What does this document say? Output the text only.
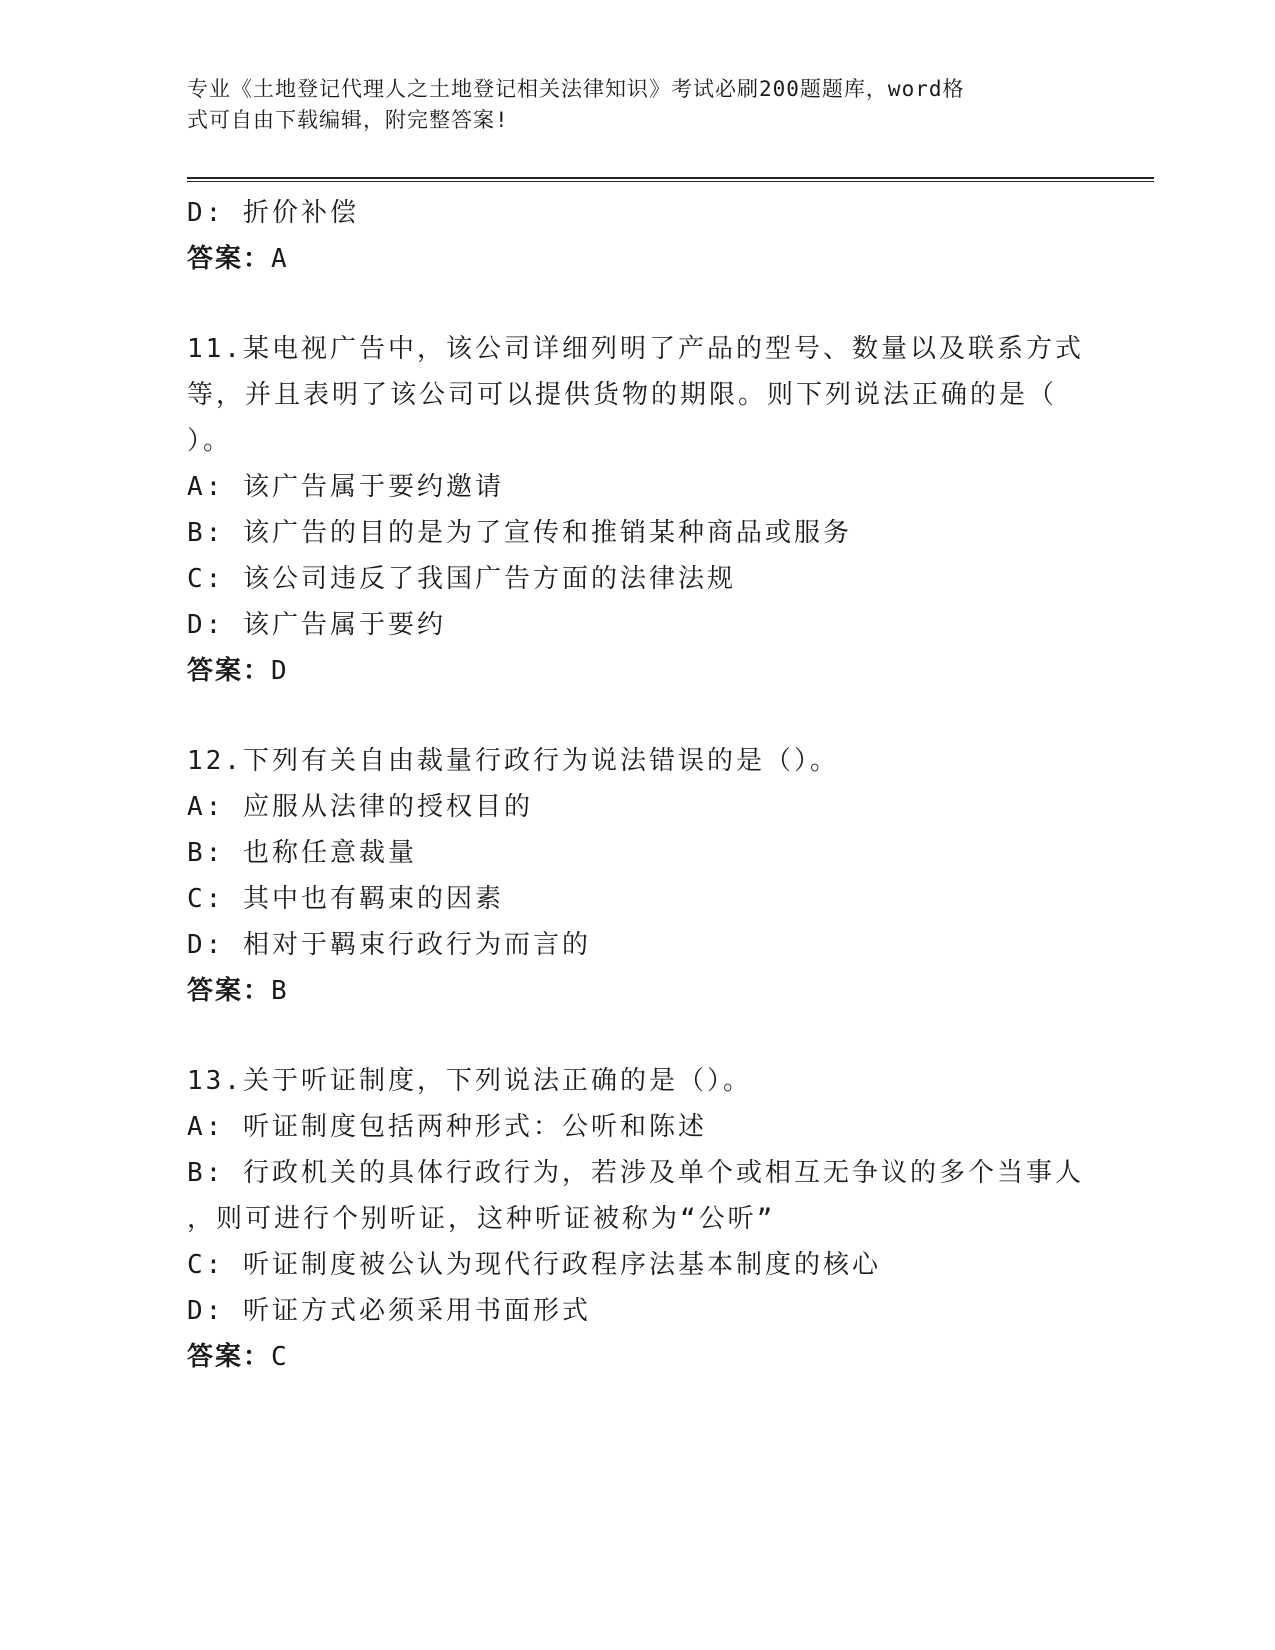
专业《土地登记代理人之土地登记相关法律知识》考试必刷200题题库，word格
式可自由下载编辑，附完整答案!
D: 折价补偿
答案：A
11.某电视广告中，该公司详细列明了产品的型号、数量以及联系方式
等，并且表明了该公司可以提供货物的期限。则下列说法正确的是（
）。
A: 该广告属于要约邀请
B: 该广告的目的是为了宣传和推销某种商品或服务
C: 该公司违反了我国广告方面的法律法规
D: 该广告属于要约
答案：D
12.下列有关自由裁量行政行为说法错误的是（）。
A: 应服从法律的授权目的
B: 也称任意裁量
C: 其中也有羁束的因素
D: 相对于羁束行政行为而言的
答案：B
13.关于听证制度，下列说法正确的是（）。
A: 听证制度包括两种形式：公听和陈述
B: 行政机关的具体行政行为，若涉及单个或相互无争议的多个当事人
，则可进行个别听证，这种听证被称为“公听”
C: 听证制度被公认为现代行政程序法基本制度的核心
D: 听证方式必须采用书面形式
答案：C
